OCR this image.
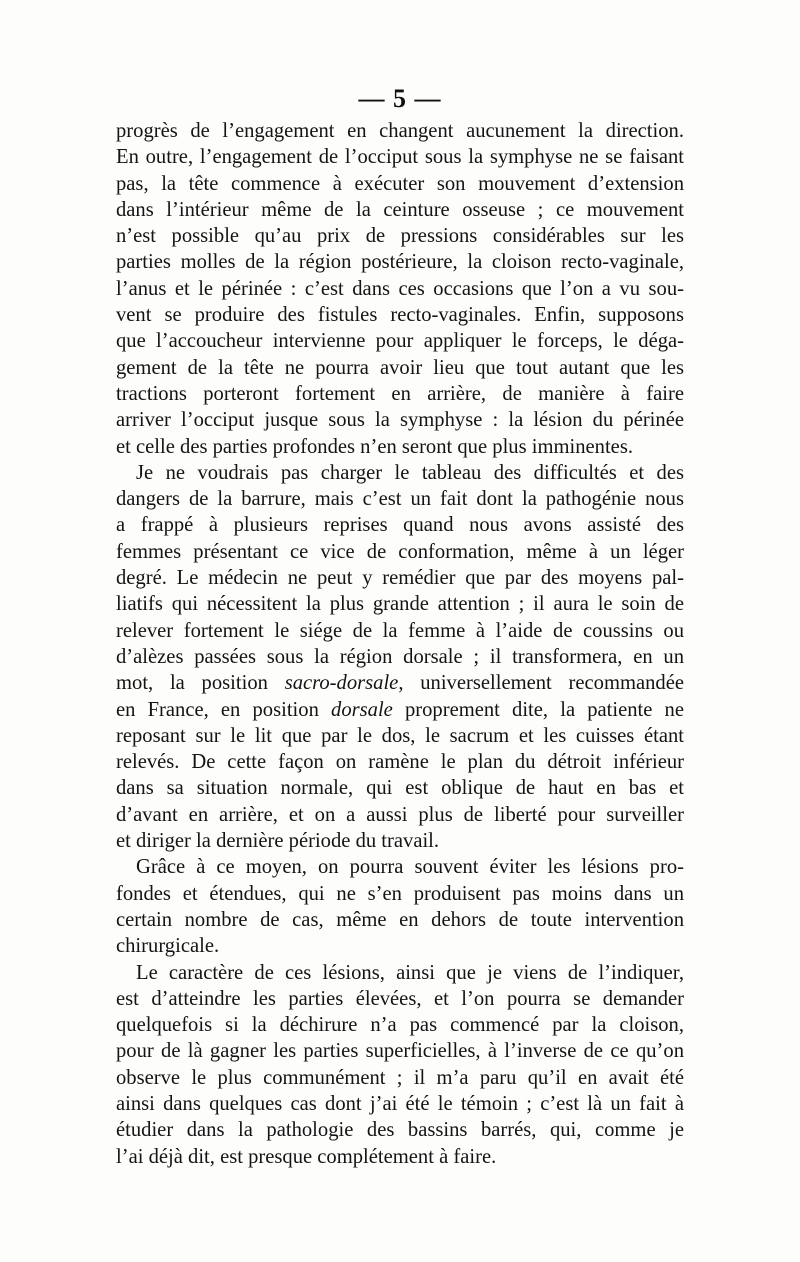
— 5 —

progrès de l’engagement en changent aucunement la direction.
En outre, l’engagement de l’occiput sous la symphyse ne se faisant
pas, la tête commence à exécuter son mouvement d’extension
dans l’intérieur même de la ceinture osseuse ; ce mouvement
n’est possible qu’au prix de pressions considérables sur les
parties molles de la région postérieure, la cloison recto-vaginale,
l’anus et le périnée : c’est dans ces occasions que l’on a vu sou-
vent se produire des fistules recto-vaginales. Enfin, supposons
que l’accoucheur intervienne pour appliquer le forceps, le déga-
gement de la tête ne pourra avoir lieu que tout autant que les
tractions porteront fortement en arrière, de manière à faire
arriver l’occiput jusque sous la symphyse : la lésion du périnée
et celle des parties profondes n’en seront que plus imminentes.

Je ne voudrais pas charger le tableau des difficultés et des
dangers de la barrure, mais c’est un fait dont la pathogénie nous
a frappé à plusieurs reprises quand nous avons assisté des
femmes présentant ce vice de conformation, même à un léger
degré. Le médecin ne peut y remédier que par des moyens pal-
liatifs qui nécessitent la plus grande attention ; il aura le soin de
relever fortement le siége de la femme à l’aide de coussins ou
d’alèzes passées sous la région dorsale ; il transformera, en un
mot, la position sacro-dorsale, universellement recommandée
en France, en position dorsale proprement dite, la patiente ne
reposant sur le lit que par le dos, le sacrum et les cuisses étant
relevés. De cette façon on ramène le plan du détroit inférieur
dans sa situation normale, qui est oblique de haut en bas et
d’avant en arrière, et on a aussi plus de liberté pour surveiller
et diriger la dernière période du travail.

Grâce à ce moyen, on pourra souvent éviter les lésions pro-
fondes et étendues, qui ne s’en produisent pas moins dans un
certain nombre de cas, même en dehors de toute intervention
chirurgicale.

Le caractère de ces lésions, ainsi que je viens de l’indiquer,
est d’atteindre les parties élevées, et l’on pourra se demander
quelquefois si la déchirure n’a pas commencé par la cloison,
pour de là gagner les parties superficielles, à l’inverse de ce qu’on
observe le plus communément ; il m’a paru qu’il en avait été
ainsi dans quelques cas dont j’ai été le témoin ; c’est là un fait à
étudier dans la pathologie des bassins barrés, qui, comme je
l’ai déjà dit, est presque complétement à faire.
